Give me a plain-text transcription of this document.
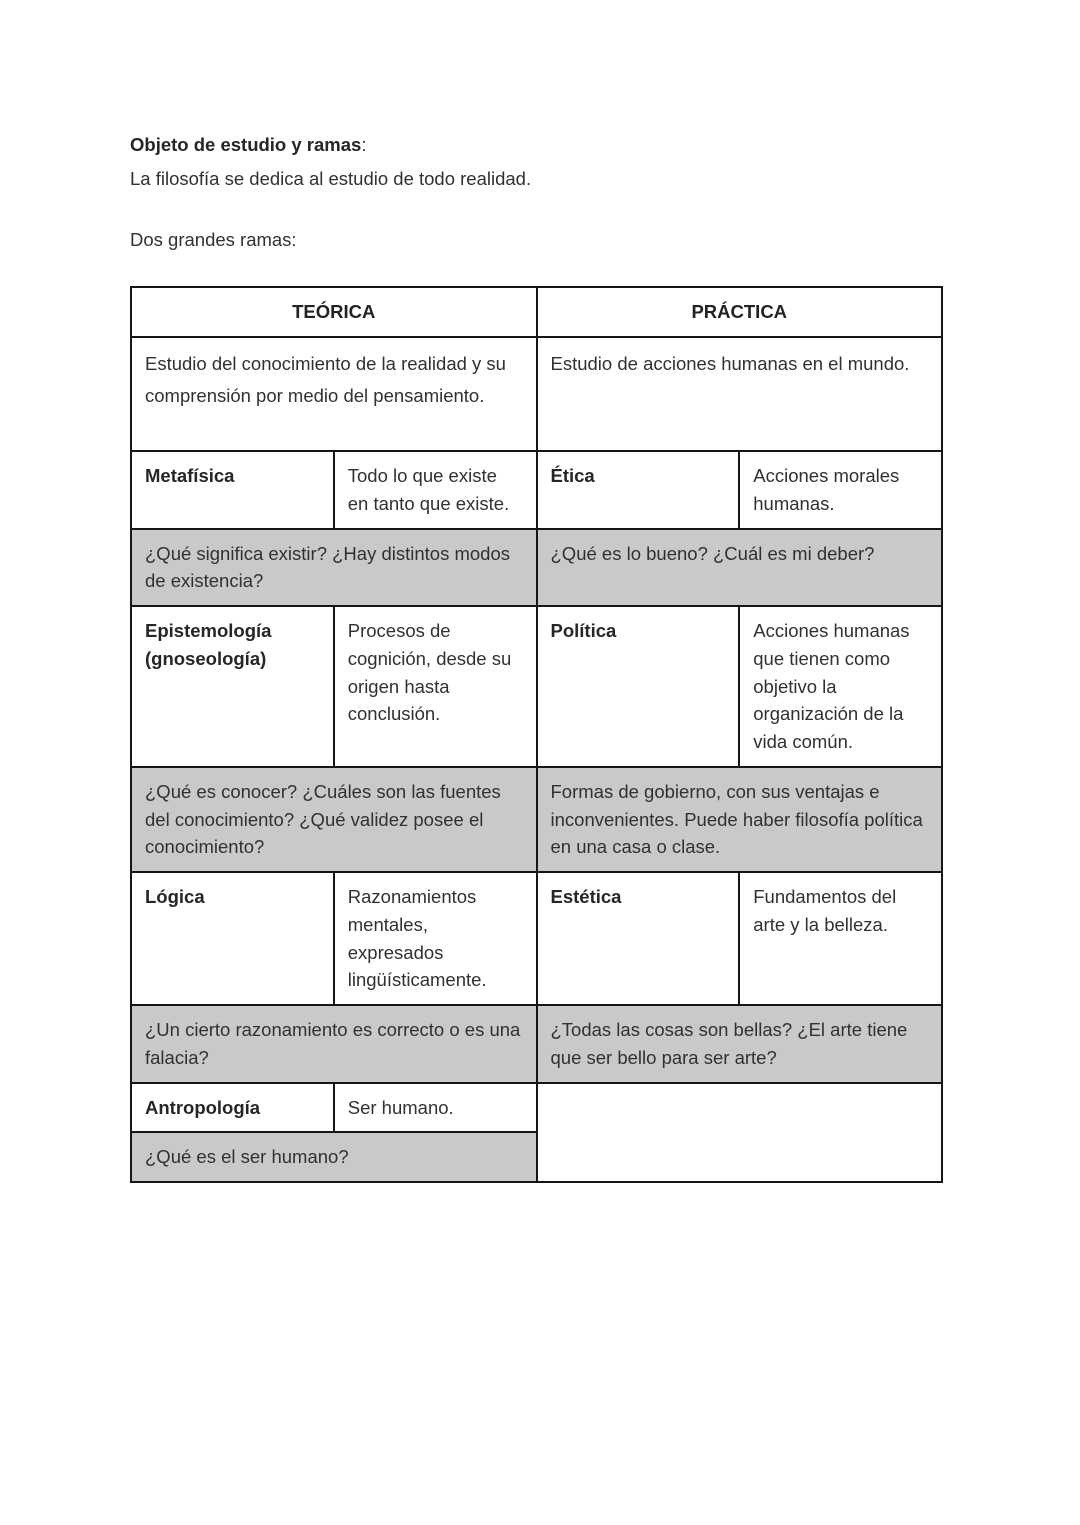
Objeto de estudio y ramas:

La filosofía se dedica al estudio de todo realidad.

Dos grandes ramas:

TEÓRICA		PRÁCTICA	
Estudio del conocimiento de la realidad y su comprensión por medio del pensamiento.		Estudio de acciones humanas en el mundo.	
Metafísica	Todo lo que existe en tanto que existe.	Ética	Acciones morales humanas.
¿Qué significa existir? ¿Hay distintos modos de existencia?		¿Qué es lo bueno? ¿Cuál es mi deber?	
Epistemología (gnoseología)	Procesos de cognición, desde su origen hasta conclusión.	Política	Acciones humanas que tienen como objetivo la organización de la vida común.
¿Qué es conocer? ¿Cuáles son las fuentes del conocimiento? ¿Qué validez posee el conocimiento?		Formas de gobierno, con sus ventajas e inconvenientes. Puede haber filosofía política en una casa o clase.	
Lógica	Razonamientos mentales, expresados lingüísticamente.	Estética	Fundamentos del arte y la belleza.
¿Un cierto razonamiento es correcto o es una falacia?		¿Todas las cosas son bellas? ¿El arte tiene que ser bello para ser arte?	
Antropología	Ser humano.		
¿Qué es el ser humano?			
